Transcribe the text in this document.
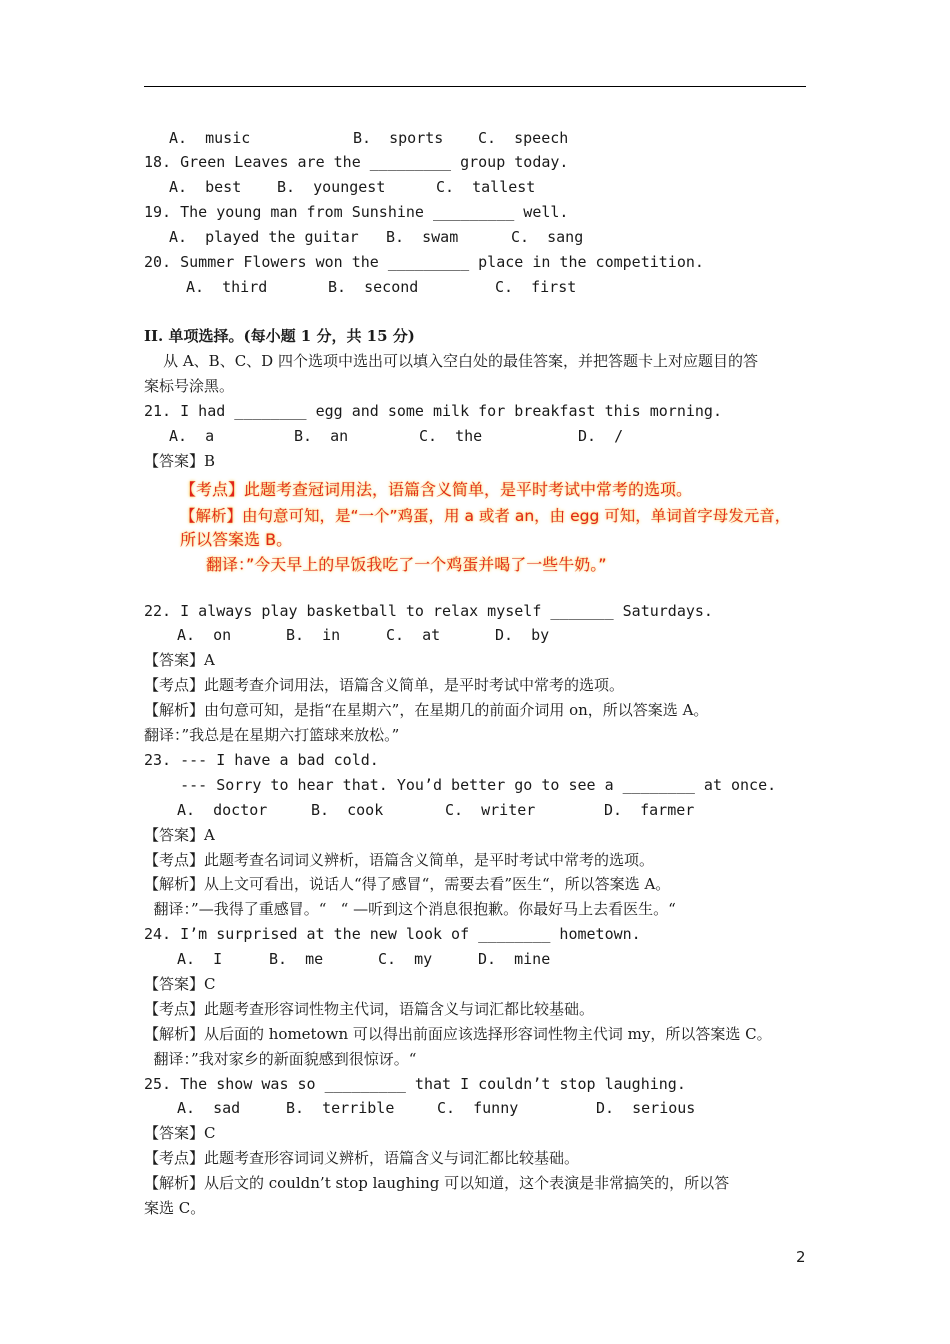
A.  music	B.  sports C.  speech
18. Green Leaves are the _________ group today.
A.  best B.  youngest	C.  tallest
19. The young man from Sunshine _________ well.
A.  played the guitar B.  swam	C.  sang
20. Summer Flowers won the _________ place in the competition.
A.  third	B.  second	C.  first
II. 单项选择。(每小题 1 分，共 15 分)
从 A、B、C、D 四个选项中选出可以填入空白处的最佳答案，并把答题卡上对应题目的答
案标号涂黑。
21. I had ________ egg and some milk for breakfast this morning.
A.  a	B.  an	C.  the	D.  /
【答案】B
【考点】此题考查冠词用法，语篇含义简单，是平时考试中常考的选项。
【解析】由句意可知，是“一个”鸡蛋，用 a 或者 an，由 egg 可知，单词首字母发元音，
所以答案选 B。
翻译：”今天早上的早饭我吃了一个鸡蛋并喝了一些牛奶。”
22. I always play basketball to relax myself _______ Saturdays.
A.  on	B.  in	C.  at	D.  by
【答案】A
【考点】此题考查介词用法，语篇含义简单，是平时考试中常考的选项。
【解析】由句意可知，是指“在星期六”，在星期几的前面介词用 on，所以答案选 A。
翻译：”我总是在星期六打篮球来放松。”
23. --- I have a bad cold.
--- Sorry to hear that. You’d better go to see a ________ at once.
A.  doctor	B.  cook	C.  writer	D.  farmer
【答案】A
【考点】此题考查名词词义辨析，语篇含义简单，是平时考试中常考的选项。
【解析】从上文可看出，说话人“得了感冒“，需要去看”医生“，所以答案选 A。
翻译：”—我得了重感冒。“   “ —听到这个消息很抱歉。你最好马上去看医生。“
24. I’m surprised at the new look of ________ hometown.
A.  I	B.  me	C.  my	D.  mine
【答案】C
【考点】此题考查形容词性物主代词，语篇含义与词汇都比较基础。
【解析】从后面的 hometown 可以得出前面应该选择形容词性物主代词 my，所以答案选 C。
翻译：”我对家乡的新面貌感到很惊讶。“
25. The show was so _________ that I couldn’t stop laughing.
A.  sad	B.  terrible	C.  funny	D.  serious
【答案】C
【考点】此题考查形容词词义辨析，语篇含义与词汇都比较基础。
【解析】从后文的 couldn’t stop laughing 可以知道，这个表演是非常搞笑的，所以答
案选 C。
2
